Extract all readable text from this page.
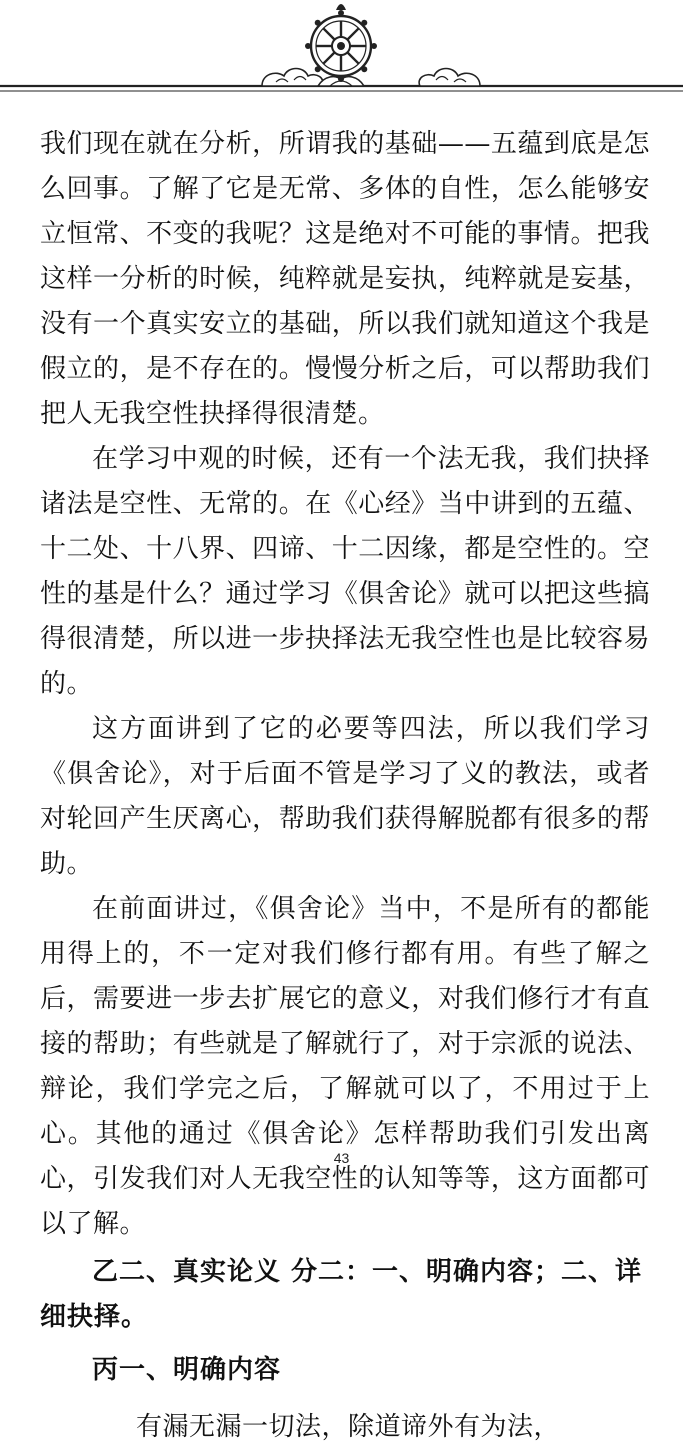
我们现在就在分析，所谓我的基础——五蕴到底是怎么回事。了解了它是无常、多体的自性，怎么能够安立恒常、不变的我呢？这是绝对不可能的事情。把我这样一分析的时候，纯粹就是妄执，纯粹就是妄基，没有一个真实安立的基础，所以我们就知道这个我是假立的，是不存在的。慢慢分析之后，可以帮助我们把人无我空性抉择得很清楚。

在学习中观的时候，还有一个法无我，我们抉择诸法是空性、无常的。在《心经》当中讲到的五蕴、十二处、十八界、四谛、十二因缘，都是空性的。空性的基是什么？通过学习《俱舍论》就可以把这些搞得很清楚，所以进一步抉择法无我空性也是比较容易的。

这方面讲到了它的必要等四法，所以我们学习《俱舍论》，对于后面不管是学习了义的教法，或者对轮回产生厌离心，帮助我们获得解脱都有很多的帮助。

在前面讲过，《俱舍论》当中，不是所有的都能用得上的，不一定对我们修行都有用。有些了解之后，需要进一步去扩展它的意义，对我们修行才有直接的帮助；有些就是了解就行了，对于宗派的说法、辩论，我们学完之后，了解就可以了，不用过于上心。其他的通过《俱舍论》怎样帮助我们引发出离心，引发我们对人无我空性的认知等等，这方面都可以了解。

乙二、真实论义 分二：一、明确内容；二、详细抉择。

丙一、明确内容

有漏无漏一切法，除道谛外有为法，

43
